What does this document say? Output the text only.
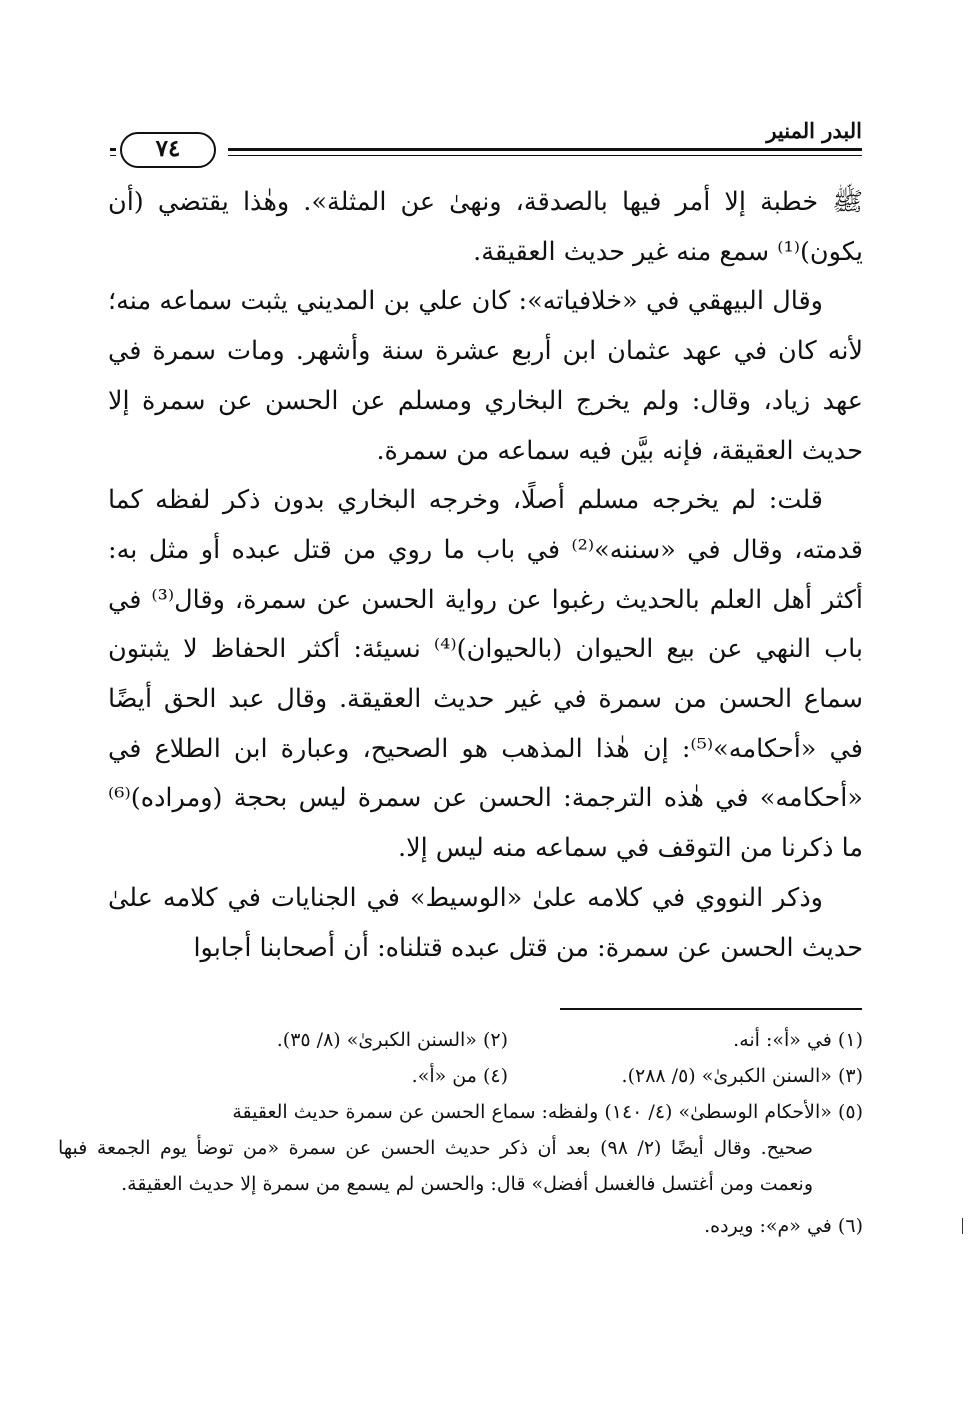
البدر المنير
٧٤

ﷺ خطبة إلا أمر فيها بالصدقة، ونهىٰ عن المثلة». وهٰذا يقتضي (أن يكون)⁽¹⁾ سمع منه غير حديث العقيقة.

وقال البيهقي في «خلافياته»: كان علي بن المديني يثبت سماعه منه؛ لأنه كان في عهد عثمان ابن أربع عشرة سنة وأشهر. ومات سمرة في عهد زياد، وقال: ولم يخرج البخاري ومسلم عن الحسن عن سمرة إلا حديث العقيقة، فإنه بيَّن فيه سماعه من سمرة.

قلت: لم يخرجه مسلم أصلًا، وخرجه البخاري بدون ذكر لفظه كما قدمته، وقال في «سننه»⁽²⁾ في باب ما روي من قتل عبده أو مثل به: أكثر أهل العلم بالحديث رغبوا عن رواية الحسن عن سمرة، وقال⁽³⁾ في باب النهي عن بيع الحيوان (بالحيوان)⁽⁴⁾ نسيئة: أكثر الحفاظ لا يثبتون سماع الحسن من سمرة في غير حديث العقيقة. وقال عبد الحق أيضًا في «أحكامه»⁽⁵⁾: إن هٰذا المذهب هو الصحيح، وعبارة ابن الطلاع في «أحكامه» في هٰذه الترجمة: الحسن عن سمرة ليس بحجة (ومراده)⁽⁶⁾ ما ذكرنا من التوقف في سماعه منه ليس إلا.

وذكر النووي في كلامه علىٰ «الوسيط» في الجنايات في كلامه علىٰ حديث الحسن عن سمرة: من قتل عبده قتلناه: أن أصحابنا أجابوا

(١) في «أ»: أنه.
(٢) «السنن الكبرىٰ» (٨/ ٣٥).
(٣) «السنن الكبرىٰ» (٥/ ٢٨٨).
(٤) من «أ».
(٥) «الأحكام الوسطىٰ» (٤/ ١٤٠) ولفظه: سماع الحسن عن سمرة حديث العقيقة
صحيح. وقال أيضًا (٢/ ٩٨) بعد أن ذكر حديث الحسن عن سمرة «من توضأ يوم الجمعة فبها ونعمت ومن أغتسل فالغسل أفضل» قال: والحسن لم يسمع من سمرة إلا حديث العقيقة.
(٦) في «م»: ويرده.
